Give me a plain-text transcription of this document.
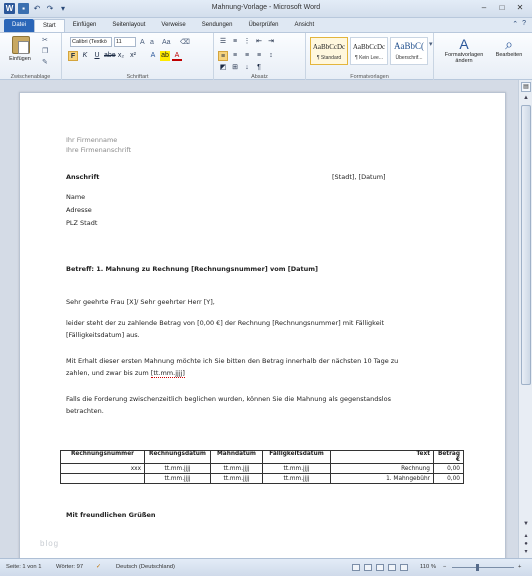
W	▪	↶ ↷ ▾	Mahnung-Vorlage - Microsoft Word	–	□	✕
Datei	Start	Einfügen	Seitenlayout	Verweise	Sendungen	Überprüfen	Ansicht	⌃ ?
Einfügen
✂
❐
✎
Zwischenablage	Schriftart
Calibri (Textkö	11	A a	Aa ⌫
F	K	U abe x₂ x²	A ab A
Absatz
☰ ≡ ⋮ ⇤ ⇥
≡	≡	≡	≡	↕
◩ ⊞	↓	¶
Formatvorlagen
AaBbCcDc
¶ Standard
AaBbCcDc
¶ Kein Lee...
AaBbC(
Überschrif...
▾	A
Formatvorlagen ändern
⌕
Bearbeiten
Ihr Firmenname
Ihre Firmenanschrift
Anschrift	[Stadt], [Datum]
Name
Adresse
PLZ Stadt
Betreff: 1. Mahnung zu Rechnung [Rechnungsnummer] vom [Datum]
Sehr geehrte Frau [X]/ Sehr geehrter Herr [Y],
leider steht der zu zahlende Betrag von [0,00 €] der Rechnung [Rechnungsnummer] mit Fälligkeit
[Fälligkeitsdatum] aus.
Mit Erhalt dieser ersten Mahnung möchte ich Sie bitten den Betrag innerhalb der nächsten 10 Tage zu
zahlen, und zwar bis zum [tt.mm.jjjj]
Falls die Forderung zwischenzeitlich beglichen wurden, können Sie die Mahnung als gegenstandslos
betrachten.
Rechnungsnummer	Rechnungsdatum	Mahndatum	Fälligkeitsdatum	Text	Betrag €
xxx	tt.mm.jjjj	tt.mm.jjjj	tt.mm.jjjj	Rechnung	0,00
	tt.mm.jjjj	tt.mm.jjjj	tt.mm.jjjj	1. Mahngebühr	0,00
Mit freundlichen Grüßen
blog
▤
▲
▼
▴
●
▾
Seite: 1 von 1	Wörter: 97 ✓	Deutsch (Deutschland)	110 % −	+
